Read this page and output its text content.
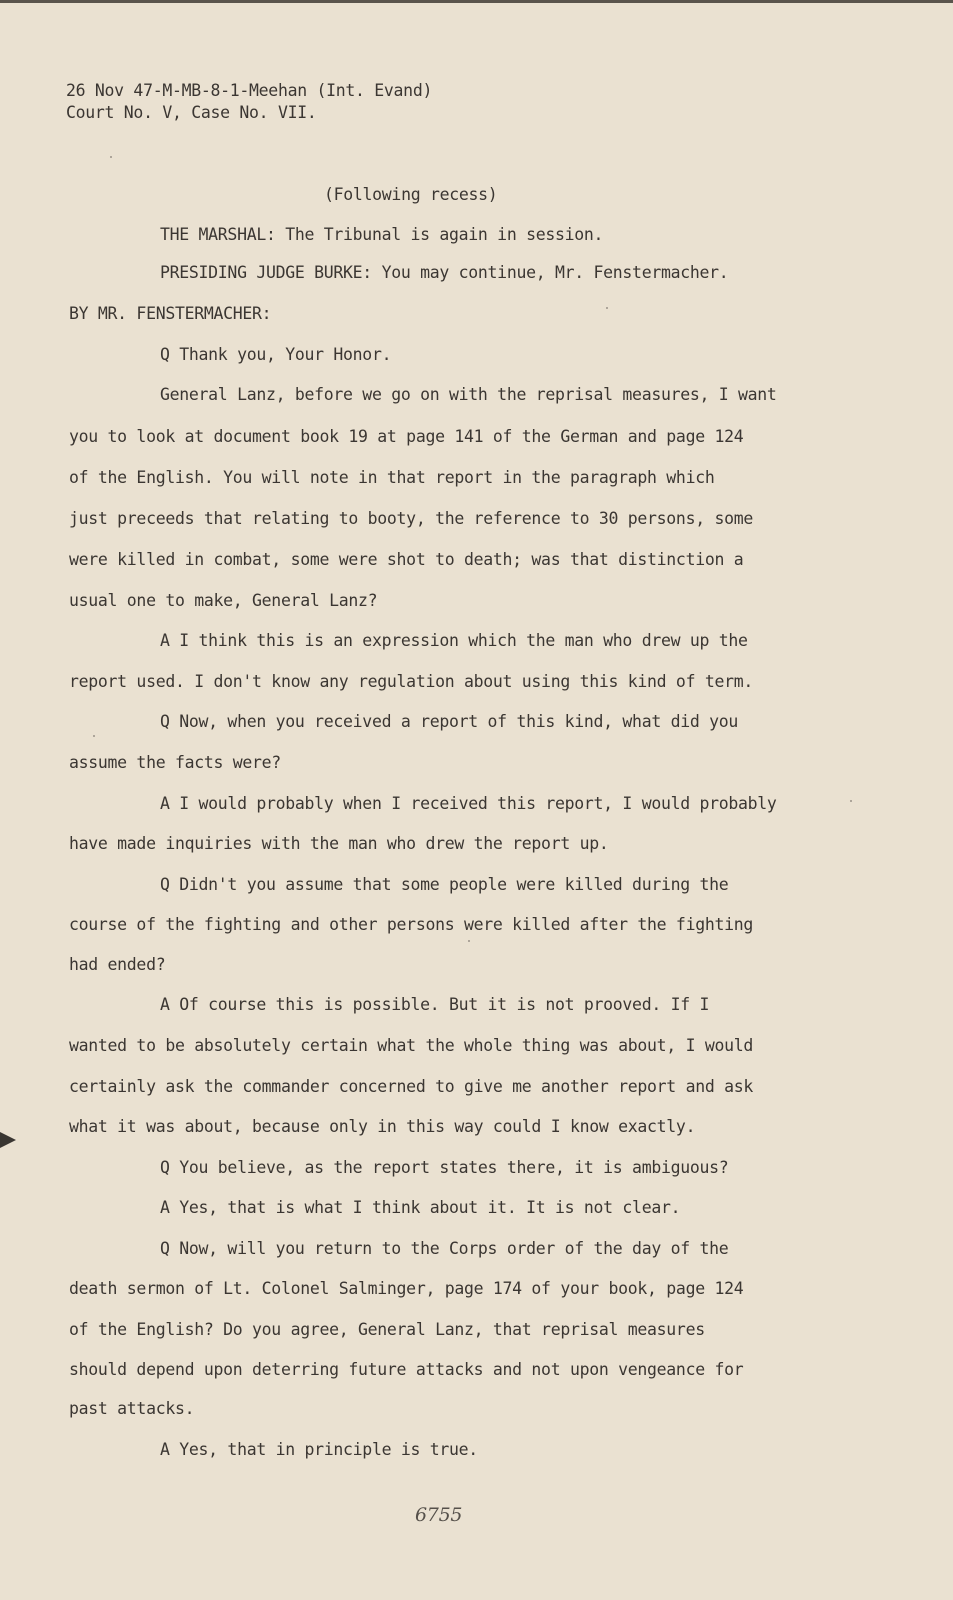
26 Nov 47-M-MB-8-1-Meehan (Int. Evand)
Court No. V, Case No. VII.
(Following recess)
THE MARSHAL: The Tribunal is again in session.
PRESIDING JUDGE BURKE: You may continue, Mr. Fenstermacher.
BY MR. FENSTERMACHER:
Q Thank you, Your Honor.
General Lanz, before we go on with the reprisal measures, I want
you to look at document book 19 at page 141 of the German and page 124
of the English. You will note in that report in the paragraph which
just preceeds that relating to booty, the reference to 30 persons, some
were killed in combat, some were shot to death; was that distinction a
usual one to make, General Lanz?
A I think this is an expression which the man who drew up the
report used. I don't know any regulation about using this kind of term.
Q Now, when you received a report of this kind, what did you
assume the facts were?
A I would probably when I received this report, I would probably
have made inquiries with the man who drew the report up.
Q Didn't you assume that some people were killed during the
course of the fighting and other persons were killed after the fighting
had ended?
A Of course this is possible. But it is not prooved. If I
wanted to be absolutely certain what the whole thing was about, I would
certainly ask the commander concerned to give me another report and ask
what it was about, because only in this way could I know exactly.
Q You believe, as the report states there, it is ambiguous?
A Yes, that is what I think about it. It is not clear.
Q Now, will you return to the Corps order of the day of the
death sermon of Lt. Colonel Salminger, page 174 of your book, page 124
of the English? Do you agree, General Lanz, that reprisal measures
should depend upon deterring future attacks and not upon vengeance for
past attacks.
A Yes, that in principle is true.
6755
